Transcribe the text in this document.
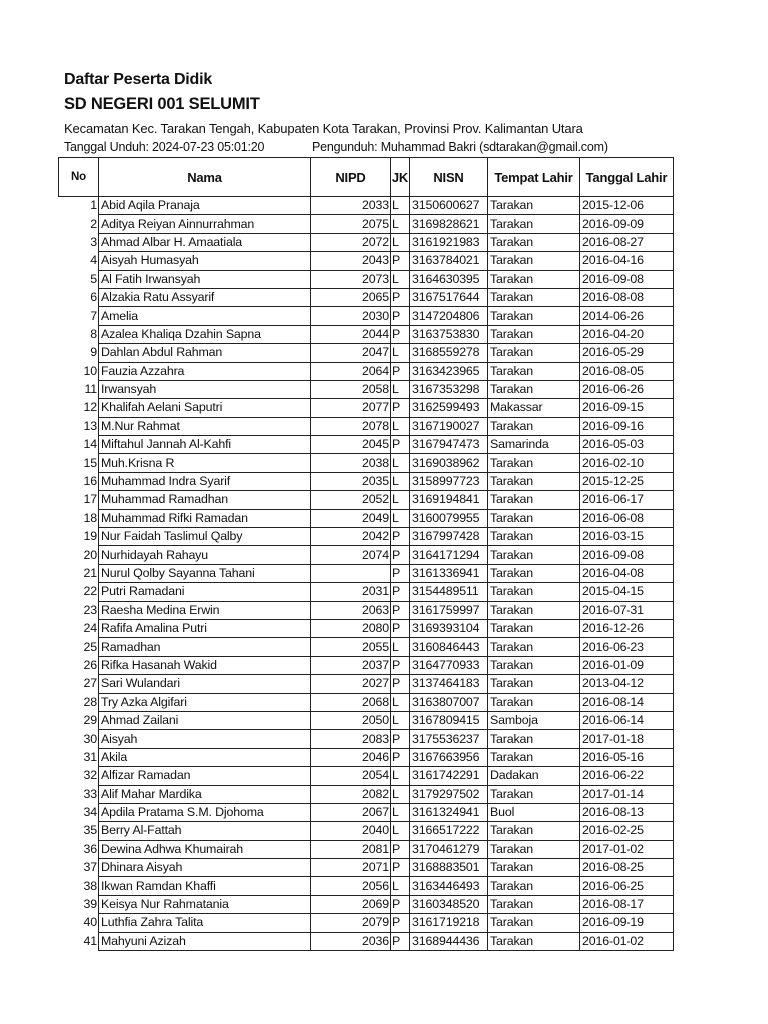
Daftar Peserta Didik
SD NEGERI 001 SELUMIT
Kecamatan Kec. Tarakan Tengah, Kabupaten Kota Tarakan, Provinsi Prov. Kalimantan Utara
Tanggal Unduh: 2024-07-23 05:01:20	Pengunduh: Muhammad Bakri (sdtarakan@gmail.com)
No	Nama	NIPD	JK	NISN	Tempat Lahir	Tanggal Lahir
1	Abid Aqila Pranaja	2033	L	3150600627	Tarakan	2015-12-06
2	Aditya Reiyan Ainnurrahman	2075	L	3169828621	Tarakan	2016-09-09
3	Ahmad Albar H. Amaatiala	2072	L	3161921983	Tarakan	2016-08-27
4	Aisyah Humasyah	2043	P	3163784021	Tarakan	2016-04-16
5	Al Fatih Irwansyah	2073	L	3164630395	Tarakan	2016-09-08
6	Alzakia Ratu Assyarif	2065	P	3167517644	Tarakan	2016-08-08
7	Amelia	2030	P	3147204806	Tarakan	2014-06-26
8	Azalea Khaliqa Dzahin Sapna	2044	P	3163753830	Tarakan	2016-04-20
9	Dahlan Abdul Rahman	2047	L	3168559278	Tarakan	2016-05-29
10	Fauzia Azzahra	2064	P	3163423965	Tarakan	2016-08-05
11	Irwansyah	2058	L	3167353298	Tarakan	2016-06-26
12	Khalifah Aelani Saputri	2077	P	3162599493	Makassar	2016-09-15
13	M.Nur Rahmat	2078	L	3167190027	Tarakan	2016-09-16
14	Miftahul Jannah Al-Kahfi	2045	P	3167947473	Samarinda	2016-05-03
15	Muh.Krisna R	2038	L	3169038962	Tarakan	2016-02-10
16	Muhammad Indra Syarif	2035	L	3158997723	Tarakan	2015-12-25
17	Muhammad Ramadhan	2052	L	3169194841	Tarakan	2016-06-17
18	Muhammad Rifki Ramadan	2049	L	3160079955	Tarakan	2016-06-08
19	Nur Faidah Taslimul Qalby	2042	P	3167997428	Tarakan	2016-03-15
20	Nurhidayah Rahayu	2074	P	3164171294	Tarakan	2016-09-08
21	Nurul Qolby Sayanna Tahani		P	3161336941	Tarakan	2016-04-08
22	Putri Ramadani	2031	P	3154489511	Tarakan	2015-04-15
23	Raesha Medina Erwin	2063	P	3161759997	Tarakan	2016-07-31
24	Rafifa Amalina Putri	2080	P	3169393104	Tarakan	2016-12-26
25	Ramadhan	2055	L	3160846443	Tarakan	2016-06-23
26	Rifka Hasanah Wakid	2037	P	3164770933	Tarakan	2016-01-09
27	Sari Wulandari	2027	P	3137464183	Tarakan	2013-04-12
28	Try Azka Algifari	2068	L	3163807007	Tarakan	2016-08-14
29	Ahmad Zailani	2050	L	3167809415	Samboja	2016-06-14
30	Aisyah	2083	P	3175536237	Tarakan	2017-01-18
31	Akila	2046	P	3167663956	Tarakan	2016-05-16
32	Alfizar Ramadan	2054	L	3161742291	Dadakan	2016-06-22
33	Alif Mahar Mardika	2082	L	3179297502	Tarakan	2017-01-14
34	Apdila Pratama S.M. Djohoma	2067	L	3161324941	Buol	2016-08-13
35	Berry Al-Fattah	2040	L	3166517222	Tarakan	2016-02-25
36	Dewina Adhwa Khumairah	2081	P	3170461279	Tarakan	2017-01-02
37	Dhinara Aisyah	2071	P	3168883501	Tarakan	2016-08-25
38	Ikwan Ramdan Khaffi	2056	L	3163446493	Tarakan	2016-06-25
39	Keisya Nur Rahmatania	2069	P	3160348520	Tarakan	2016-08-17
40	Luthfia Zahra Talita	2079	P	3161719218	Tarakan	2016-09-19
41	Mahyuni Azizah	2036	P	3168944436	Tarakan	2016-01-02
